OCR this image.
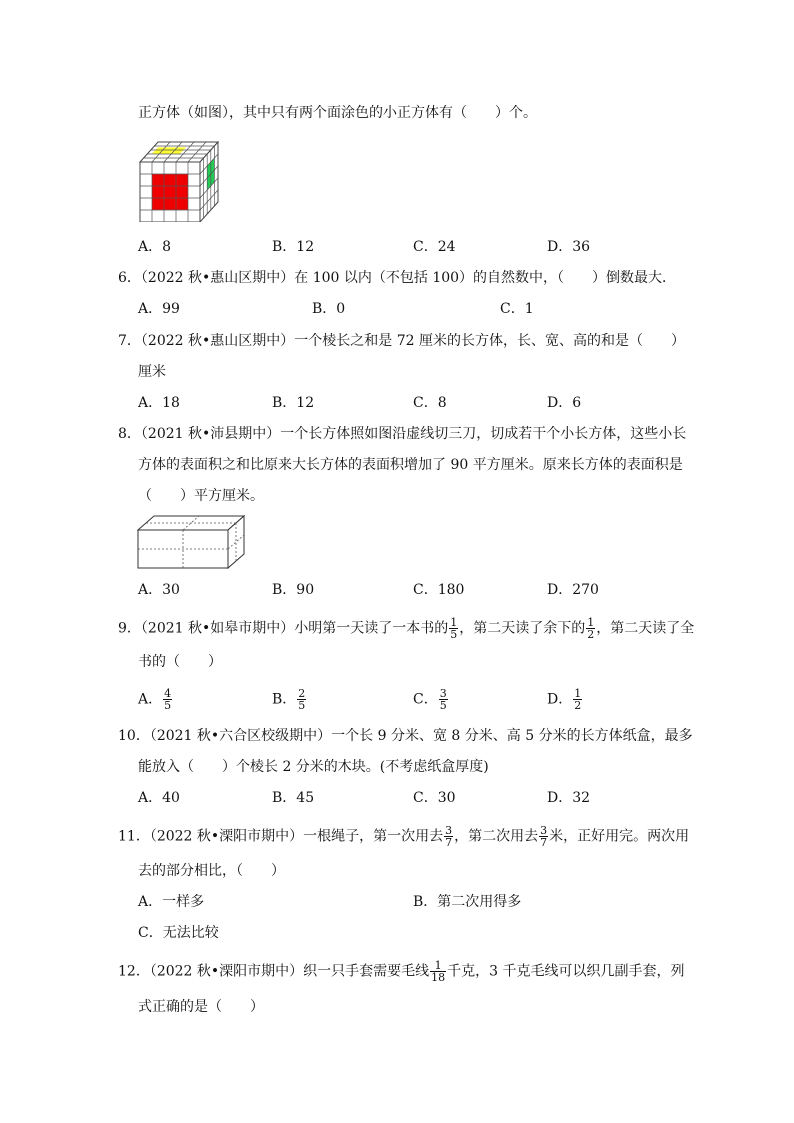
正方体（如图），其中只有两个面涂色的小正方体有（　　）个。
A．8	B．12	C．24	D．36
6．（2022 秋•惠山区期中）在 100 以内（不包括 100）的自然数中，（　　）倒数最大．
A．99	B．0	C．1
7．（2022 秋•惠山区期中）一个棱长之和是 72 厘米的长方体，长、宽、高的和是（　　）
厘米
A．18	B．12	C．8	D．6
8．（2021 秋•沛县期中）一个长方体照如图沿虚线切三刀，切成若干个小长方体，这些小长
方体的表面积之和比原来大长方体的表面积增加了 90 平方厘米。原来长方体的表面积是
（　　）平方厘米。
A．30	B．90	C．180	D．270
9．（2021 秋•如皋市期中）小明第一天读了一本书的 $\frac{1}{5}$ ，第二天读了余下的 $\frac{1}{2}$ ，第二天读了全
书的（　　）
A． $\frac{4}{5}$	B． $\frac{2}{5}$	C． $\frac{3}{5}$	D． $\frac{1}{2}$
10．（2021 秋•六合区校级期中）一个长 9 分米、宽 8 分米、高 5 分米的长方体纸盒，最多
能放入（　　）个棱长 2 分米的木块。(不考虑纸盒厚度)
A．40	B．45	C．30	D．32
11．（2022 秋•溧阳市期中）一根绳子，第一次用去 $\frac{3}{7}$ ，第二次用去 $\frac{3}{7}$ 米，正好用完。两次用
去的部分相比，（　　）
A．一样多	B．第二次用得多
C．无法比较
12．（2022 秋•溧阳市期中）织一只手套需要毛线 $\frac{1}{18}$ 千克，3 千克毛线可以织几副手套，列
式正确的是（　　）
